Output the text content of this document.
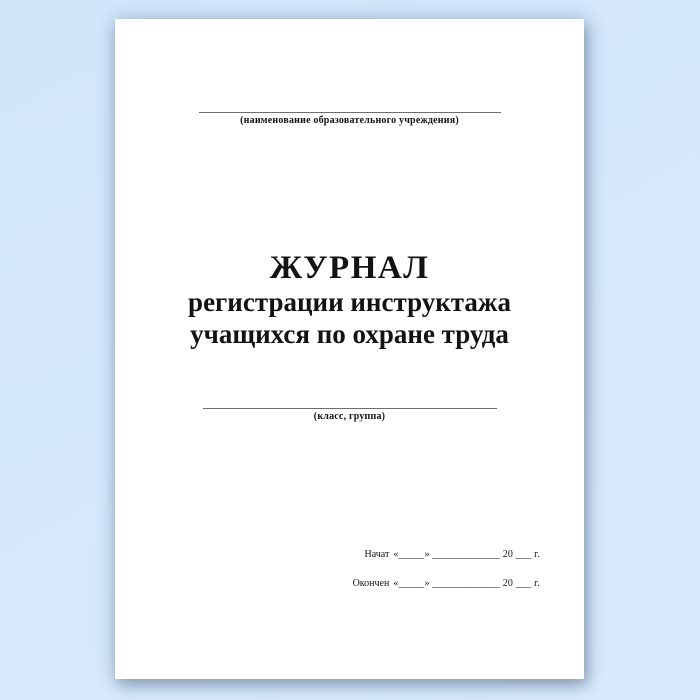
(наименование образовательного учреждения)
ЖУРНАЛ
регистрации инструктажа
учащихся по охране труда
(класс, группа)
Начат «_____» _____________ 20 ___ г.
Окончен «_____» _____________ 20 ___ г.
